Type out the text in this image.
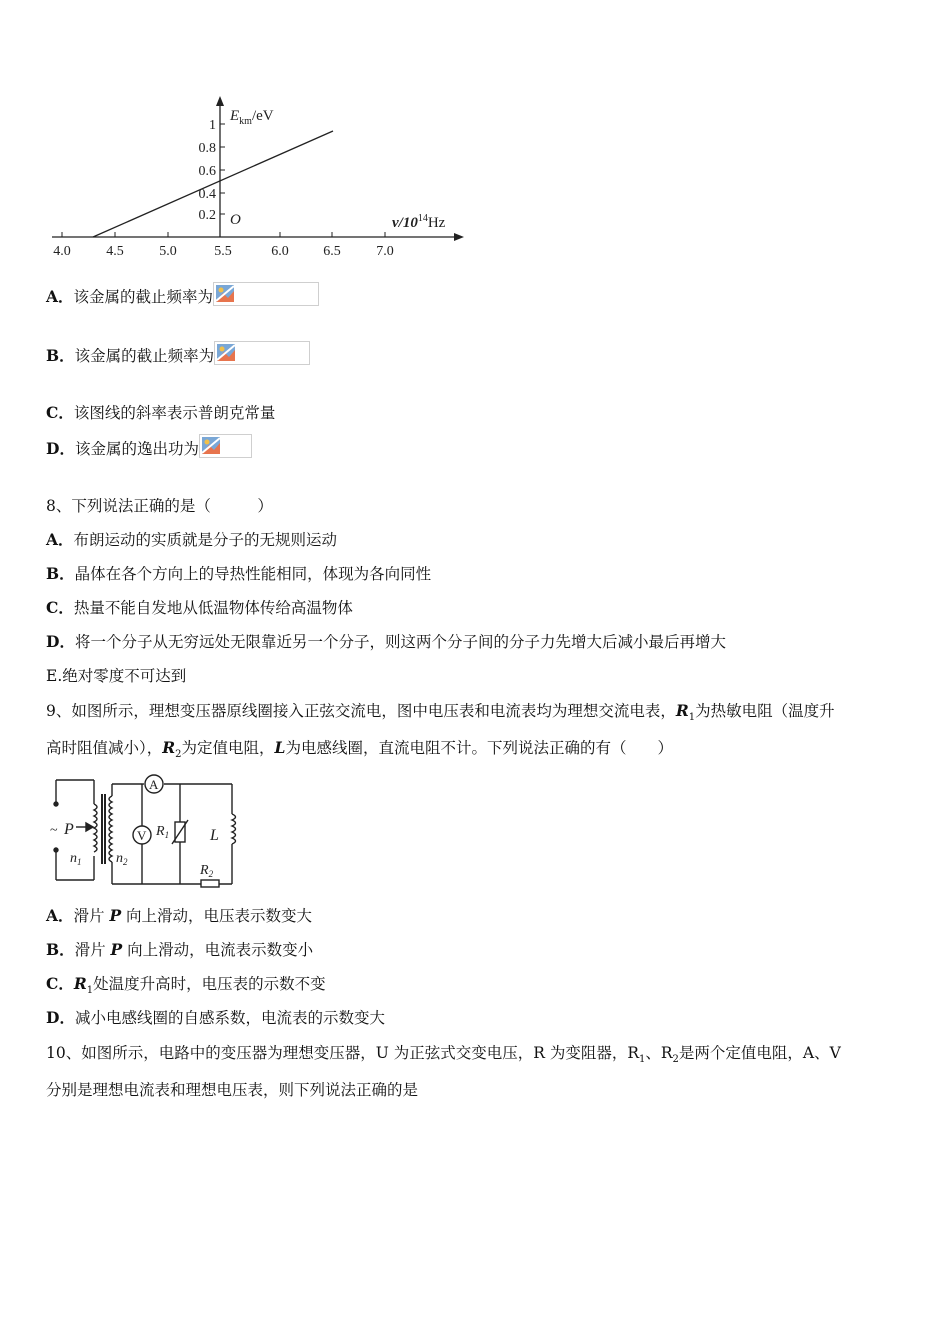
1
0.8
0.6
0.4
0.2
4.0	4.5	5.0	5.5	6.0 6.5	7.0
O
$E_{km}/eV$
$\nu/10^{14}Hz$
A．该金属的截止频率为
B．该金属的截止频率为
C．该图线的斜率表示普朗克常量
D．该金属的逸出功为
8、下列说法正确的是（　　　）
A．布朗运动的实质就是分子的无规则运动
B．晶体在各个方向上的导热性能相同，体现为各向同性
C．热量不能自发地从低温物体传给高温物体
D．将一个分子从无穷远处无限靠近另一个分子，则这两个分子间的分子力先增大后减小最后再增大
E.绝对零度不可达到
9、如图所示，理想变压器原线圈接入正弦交流电，图中电压表和电流表均为理想交流电表，$R_1$为热敏电阻（温度升
高时阻值减小），$R_2$为定值电阻，L为电感线圈，直流电阻不计。下列说法正确的有（　　）
~ P
$n_1$ $n_2$
A
V $R_1$	L
$R_2$
A．滑片 P 向上滑动，电压表示数变大
B．滑片 P 向上滑动，电流表示数变小
C．$R_1$处温度升高时，电压表的示数不变
D．减小电感线圈的自感系数，电流表的示数变大
10、如图所示，电路中的变压器为理想变压器，U 为正弦式交变电压，R 为变阻器，$R_1$、$R_2$是两个定值电阻，A、V
分别是理想电流表和理想电压表，则下列说法正确的是
